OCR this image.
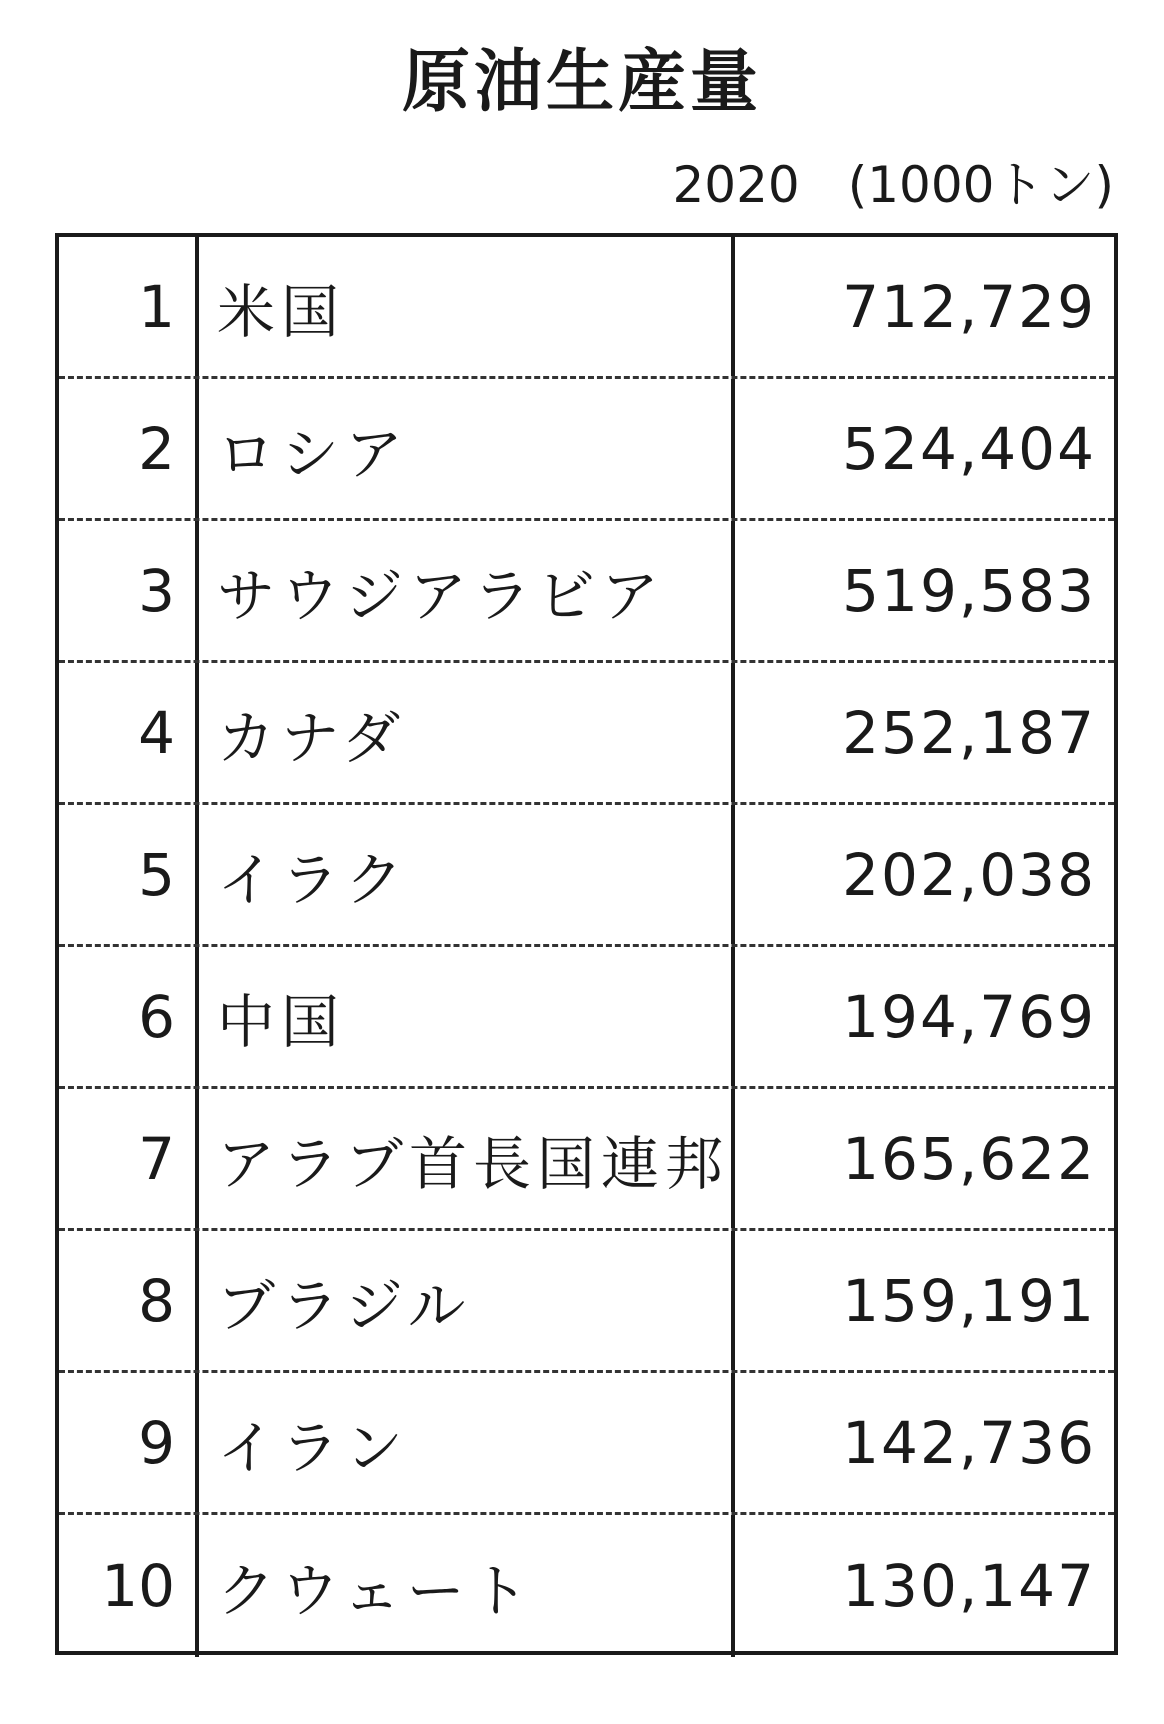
原油生産量
2020 (1000トン)
1 米国	712,729
2 ロシア	524,404
3 サウジアラビア	519,583
4 カナダ	252,187
5 イラク	202,038
6 中国	194,769
7 アラブ首長国連邦	165,622
8 ブラジル	159,191
9 イラン	142,736
10 クウェート	130,147
